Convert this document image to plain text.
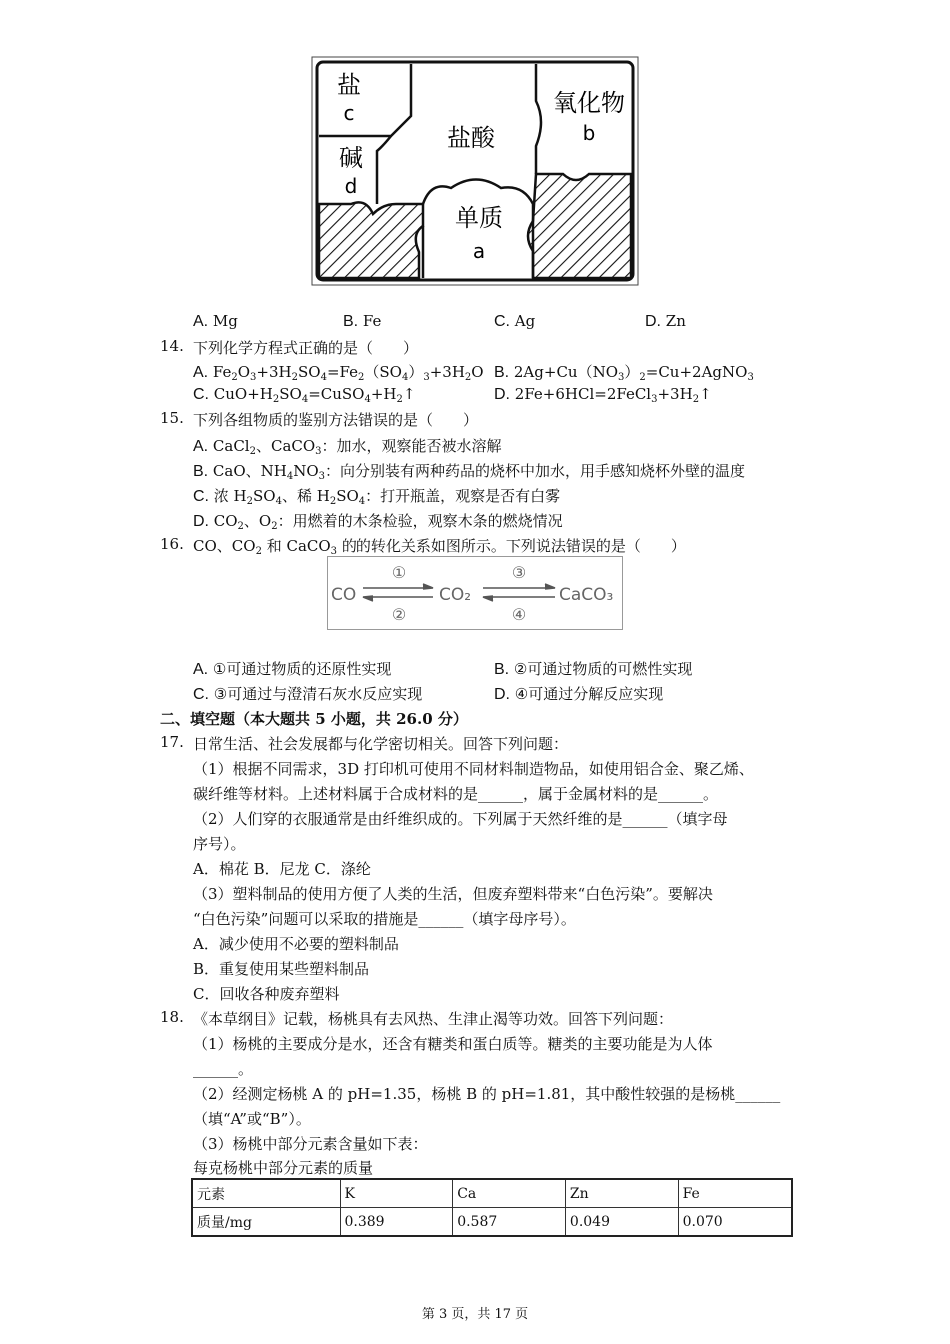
盐
c
盐酸
氧化物
b
碱
d
单质
a
A. Mg	B. Fe	C. Ag	D. Zn
14. 下列化学方程式正确的是（　　）
A. $Fe_2O_3+3H_2SO_4=Fe_2(SO_4)_3+3H_2O$ B. $2Ag+Cu(NO_3)_2=Cu+2AgNO_3$
C. $CuO+H_2SO_4=CuSO_4+H_2↑$	D. $2Fe+6HCl=2FeCl_3+3H_2↑$
15. 下列各组物质的鉴别方法错误的是（　　）
A. CaCl$_2$、CaCO$_3$：加水，观察能否被水溶解
B. CaO、$NH_4NO_3$：向分别装有两种药品的烧杯中加水，用手感知烧杯外壁的温度
C. 浓 $H_2SO_4$、稀 $H_2SO_4$：打开瓶盖，观察是否有白雾
D. $CO_2$、$O_2$：用燃着的木条检验，观察木条的燃烧情况
16. CO、$CO_2$ 和 CaCO$_3$ 的的转化关系如图所示。下列说法错误的是（　　）
CO	CO₂	CaCO₃
①
②
③
④
A. ①可通过物质的还原性实现	B. ②可通过物质的可燃性实现
C. ③可通过与澄清石灰水反应实现	D. ④可通过分解反应实现
二、填空题（本大题共 5 小题，共 26.0 分）
17. 日常生活、社会发展都与化学密切相关。回答下列问题：
（1）根据不同需求，3D 打印机可使用不同材料制造物品，如使用铝合金、聚乙烯、
碳纤维等材料。上述材料属于合成材料的是______，属于金属材料的是______。
（2）人们穿的衣服通常是由纤维织成的。下列属于天然纤维的是______（填字母
序号）。
A．棉花 B．尼龙 C．涤纶
（3）塑料制品的使用方便了人类的生活，但废弃塑料带来“白色污染”。要解决
“白色污染”问题可以采取的措施是______（填字母序号）。
A．减少使用不必要的塑料制品
B．重复使用某些塑料制品
C．回收各种废弃塑料
18. 《本草纲目》记载，杨桃具有去风热、生津止渴等功效。回答下列问题：
（1）杨桃的主要成分是水，还含有糖类和蛋白质等。糖类的主要功能是为人体
______。
（2）经测定杨桃 A 的 pH=1.35，杨桃 B 的 pH=1.81，其中酸性较强的是杨桃______
（填“A”或“B”）。
（3）杨桃中部分元素含量如下表：
每克杨桃中部分元素的质量
元素	K	Ca	Zn	Fe
质量/mg	0.389	0.587	0.049	0.070
第 3 页，共 17 页
